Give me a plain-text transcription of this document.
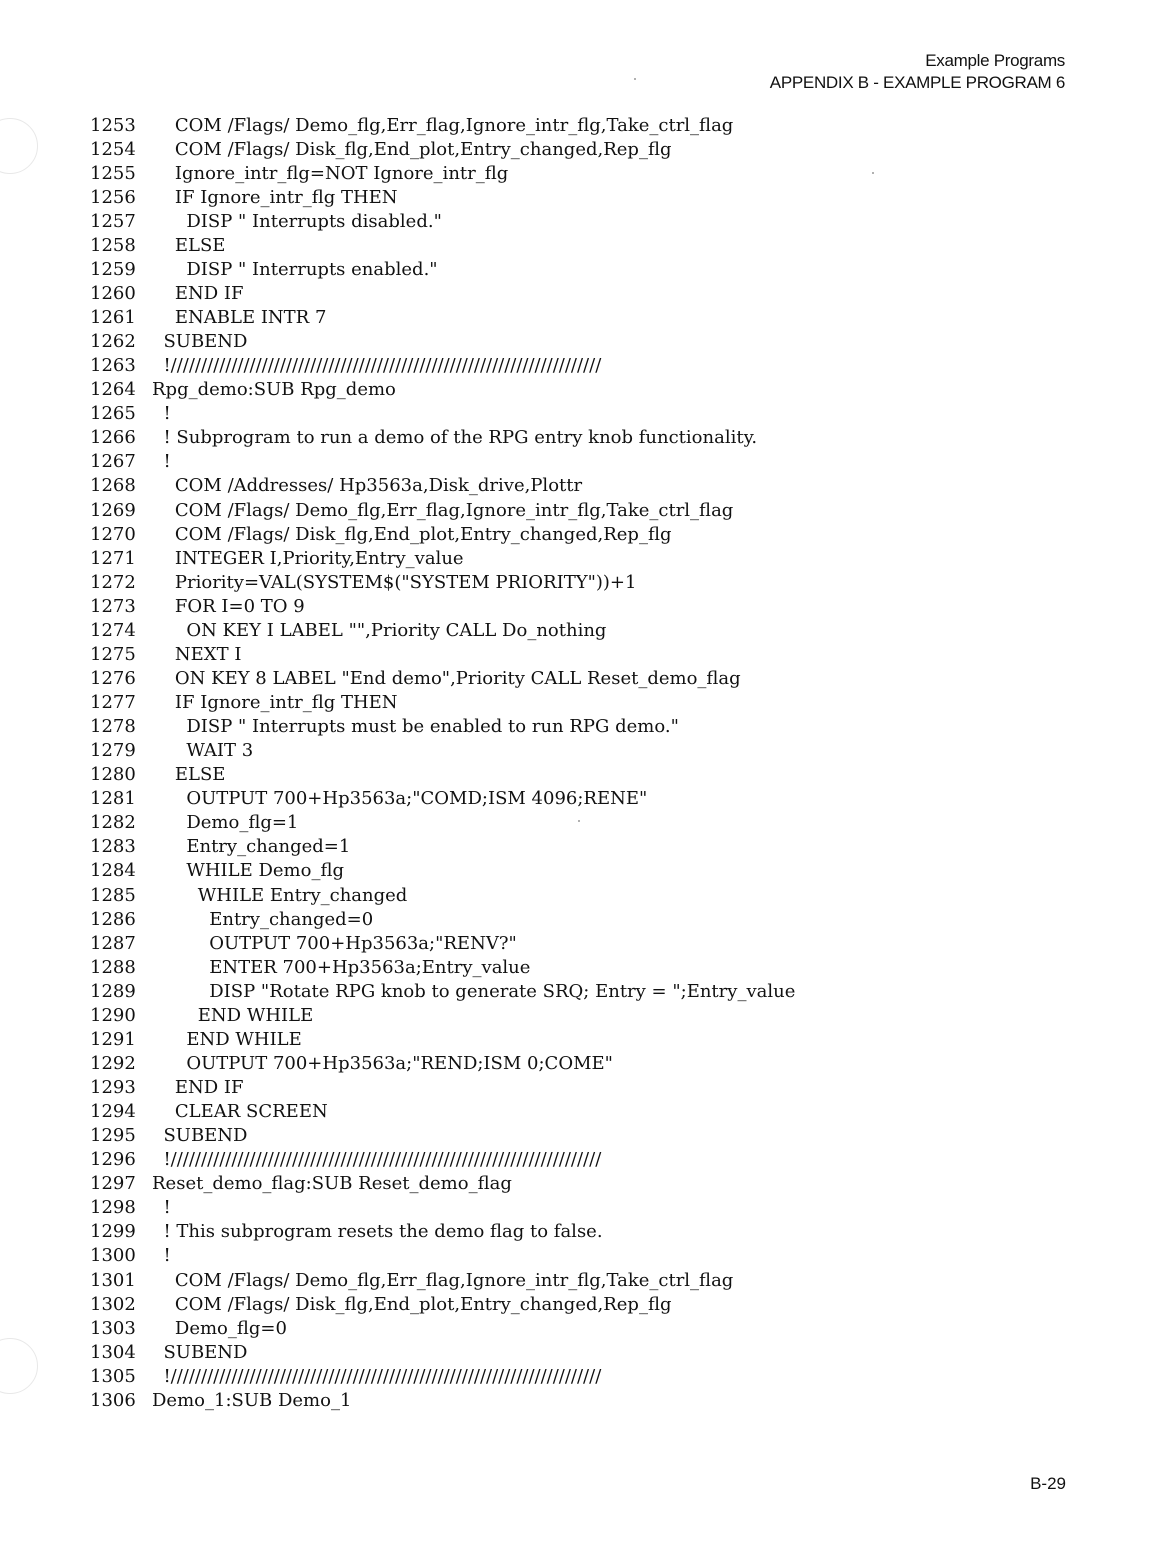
Example Programs
APPENDIX B - EXAMPLE PROGRAM 6
1253 COM /Flags/ Demo_flg,Err_flag,Ignore_intr_flg,Take_ctrl_flag
1254 COM /Flags/ Disk_flg,End_plot,Entry_changed,Rep_flg
1255 Ignore_intr_flg=NOT Ignore_intr_flg
1256 IF Ignore_intr_flg THEN
1257 DISP " Interrupts disabled."
1258 ELSE
1259 DISP " Interrupts enabled."
1260 END IF
1261 ENABLE INTR 7
1262 SUBEND
1263 !///////////////////////////////////////////////////////////////////////
1264 Rpg_demo:SUB Rpg_demo
1265 !
1266 ! Subprogram to run a demo of the RPG entry knob functionality.
1267 !
1268 COM /Addresses/ Hp3563a,Disk_drive,Plottr
1269 COM /Flags/ Demo_flg,Err_flag,Ignore_intr_flg,Take_ctrl_flag
1270 COM /Flags/ Disk_flg,End_plot,Entry_changed,Rep_flg
1271 INTEGER I,Priority,Entry_value
1272 Priority=VAL(SYSTEM$("SYSTEM PRIORITY"))+1
1273 FOR I=0 TO 9
1274 ON KEY I LABEL "",Priority CALL Do_nothing
1275 NEXT I
1276 ON KEY 8 LABEL "End demo",Priority CALL Reset_demo_flag
1277 IF Ignore_intr_flg THEN
1278 DISP " Interrupts must be enabled to run RPG demo."
1279 WAIT 3
1280 ELSE
1281 OUTPUT 700+Hp3563a;"COMD;ISM 4096;RENE"
1282 Demo_flg=1
1283 Entry_changed=1
1284 WHILE Demo_flg
1285 WHILE Entry_changed
1286 Entry_changed=0
1287 OUTPUT 700+Hp3563a;"RENV?"
1288 ENTER 700+Hp3563a;Entry_value
1289 DISP "Rotate RPG knob to generate SRQ; Entry = ";Entry_value
1290 END WHILE
1291 END WHILE
1292 OUTPUT 700+Hp3563a;"REND;ISM 0;COME"
1293 END IF
1294 CLEAR SCREEN
1295 SUBEND
1296 !///////////////////////////////////////////////////////////////////////
1297 Reset_demo_flag:SUB Reset_demo_flag
1298 !
1299 ! This subprogram resets the demo flag to false.
1300 !
1301 COM /Flags/ Demo_flg,Err_flag,Ignore_intr_flg,Take_ctrl_flag
1302 COM /Flags/ Disk_flg,End_plot,Entry_changed,Rep_flg
1303 Demo_flg=0
1304 SUBEND
1305 !///////////////////////////////////////////////////////////////////////
1306 Demo_1:SUB Demo_1
B-29
